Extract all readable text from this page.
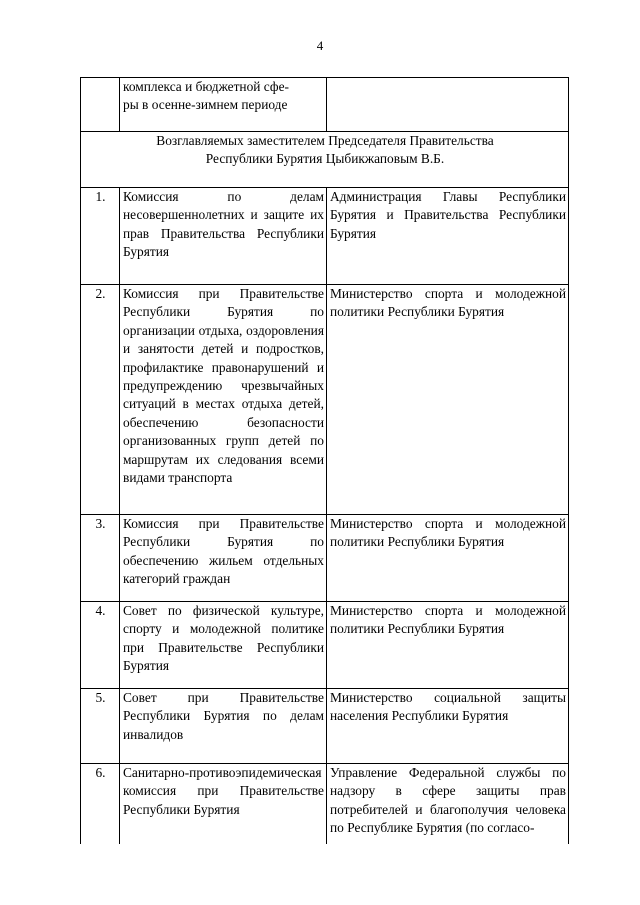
4

	комплекса и бюджетной сфе-
ры в осенне-зимнем периоде	

Возглавляемых заместителем Председателя Правительства
Республики Бурятия Цыбикжаповым В.Б.		

1.	Комиссия по делам несовершеннолетних и защите их прав Правительства Республики Бурятия	Администрация Главы Республики Бурятия и Правительства Республики Бурятия
2.	Комиссия при Правительстве Республики Бурятия по организации отдыха, оздоровления и занятости детей и подростков, профилактике правонарушений и предупреждению чрезвычайных ситуаций в местах отдыха детей, обеспечению безопасности организованных групп детей по маршрутам их следования всеми видами транспорта	Министерство спорта и молодежной политики Республики Бурятия
3.	Комиссия при Правительстве Республики Бурятия по обеспечению жильем отдельных категорий граждан	Министерство спорта и молодежной политики Республики Бурятия
4.	Совет по физической культуре, спорту и молодежной политике при Правительстве Республики Бурятия	Министерство спорта и молодежной политики Республики Бурятия
5.	Совет при Правительстве Республики Бурятия по делам инвалидов	Министерство социальной защиты населения Республики Бурятия
6.	Санитарно-противоэпидемическая комиссия при Правительстве Республики Бурятия	Управление Федеральной службы по надзору в сфере защиты прав потребителей и благополучия человека по Республике Бурятия (по согласо-
